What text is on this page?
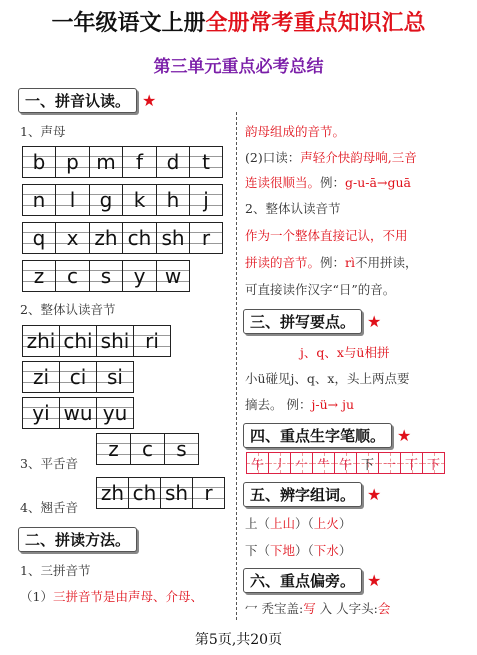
一年级语文上册全册常考重点知识汇总
第三单元重点必考总结
一、拼音认读。 ★
1、声母
b p m f d t
n l g k h j
q x zh ch sh r
z c s y w
2、整体认读音节
zhi chi shi ri
zi ci si
yi wu yu
3、平舌音
z c s
4、翘舌音
zh ch sh r
二、拼读方法。
1、三拼音节
（1）三拼音节是由声母、介母、
韵母组成的音节。
(2)口读：声轻介快韵母响,三音
连读很顺当。例：g-u-ā→guā
2、整体认读音节
作为一个整体直接记认，不用
拼读的音节。例：rì不用拼读，
可直接读作汉字“日”的音。
三、拼写要点。 ★
j、q、x与ü相拼
小ü碰见j、q、x，头上两点要
摘去。 例：j-ü→ ju
四、重点生字笔顺。 ★
午 丿 𠂉 ⺧ 午 下 一 丅 下
五、辨字组词。 ★
上（上山）（上火）
下（下地）（下水）
六、重点偏旁。 ★
冖 秃宝盖:写 入 人字头:会
第5页,共20页
